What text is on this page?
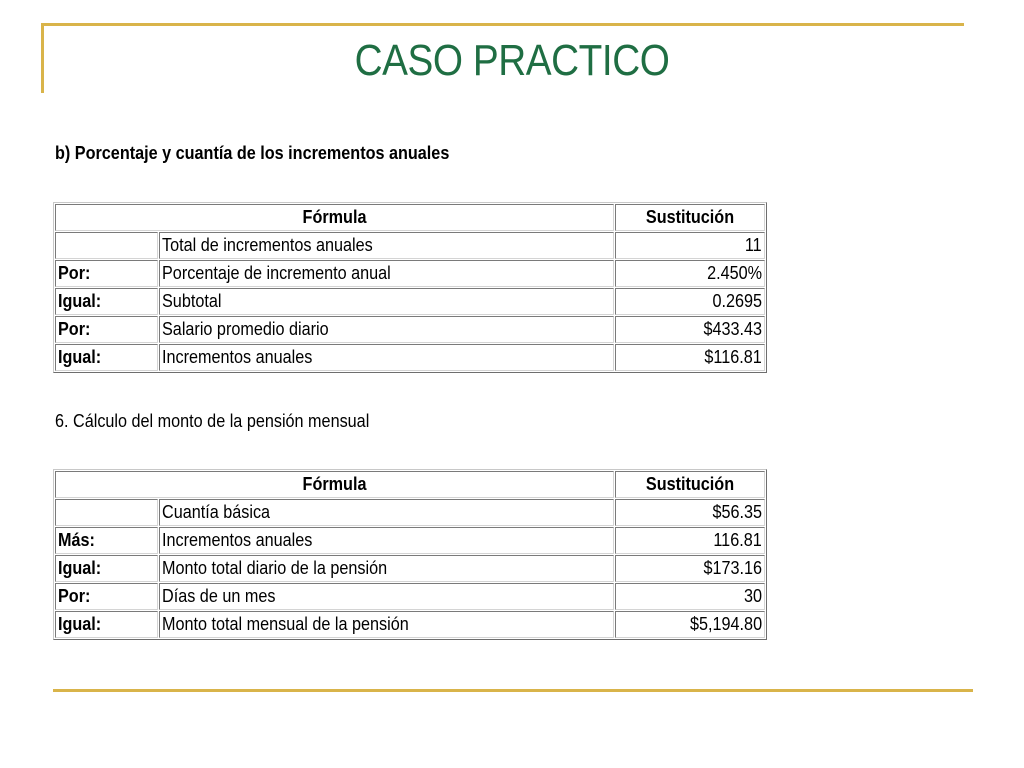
CASO PRACTICO
b) Porcentaje y cuantía de los incrementos anuales
Fórmula		Sustitución
	Total de incrementos anuales	11
Por:	Porcentaje de incremento anual	2.450%
Igual:	Subtotal	0.2695
Por:	Salario promedio diario	$433.43
Igual:	Incrementos anuales	$116.81
6. Cálculo del monto de la pensión mensual
Fórmula		Sustitución
	Cuantía básica	$56.35
Más:	Incrementos anuales	116.81
Igual:	Monto total diario de la pensión	$173.16
Por:	Días de un mes	30
Igual:	Monto total mensual de la pensión	$5,194.80
